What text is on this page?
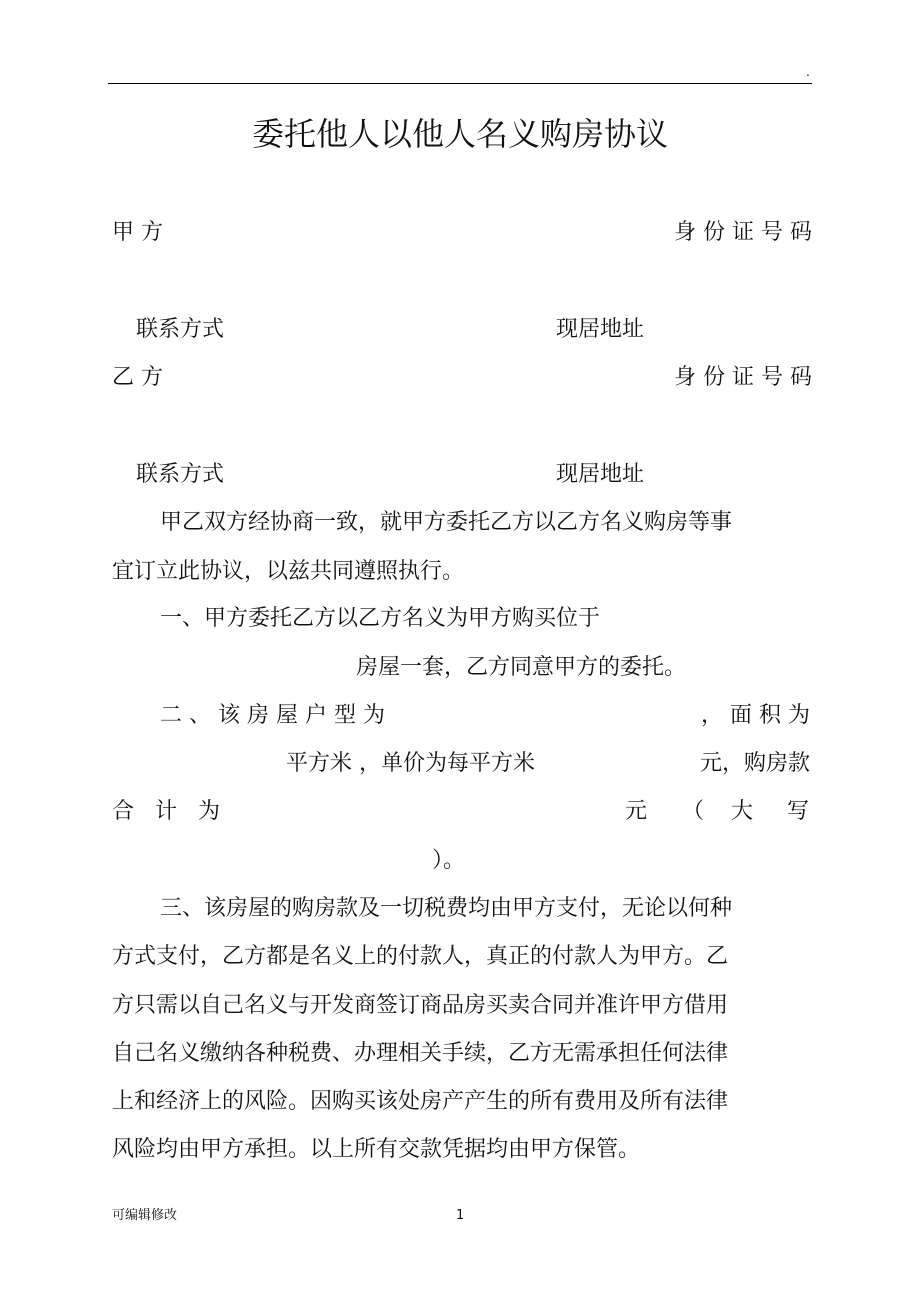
.
委托他人以他人名义购房协议
甲 方	身 份 证 号 码
联系方式	现居地址
乙 方	身 份 证 号 码
联系方式	现居地址
甲乙双方经协商一致，就甲方委托乙方以乙方名义购房等事
宜订立此协议，以兹共同遵照执行。
一、甲方委托乙方以乙方名义为甲方购买位于
房屋一套，乙方同意甲方的委托。
二 、 该 房 屋 户 型 为	， 面 积 为
平方米 ，单价为每平方米	元，购房款
合   计   为	元 （ 大 写
）。
三、该房屋的购房款及一切税费均由甲方支付，无论以何种
方式支付，乙方都是名义上的付款人，真正的付款人为甲方。乙
方只需以自己名义与开发商签订商品房买卖合同并准许甲方借用
自己名义缴纳各种税费、办理相关手续，乙方无需承担任何法律
上和经济上的风险。因购买该处房产产生的所有费用及所有法律
风险均由甲方承担。以上所有交款凭据均由甲方保管。
可编辑修改	1
